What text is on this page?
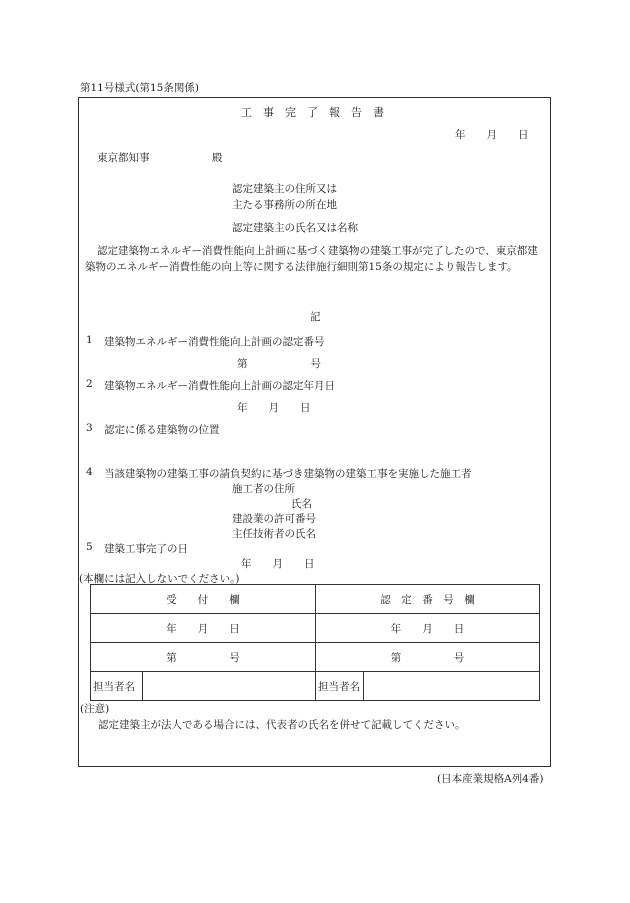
第11号様式(第15条関係)
工　事　完　了　報　告　書
年　　月　　日
東京都知事	殿
認定建築主の住所又は
主たる事務所の所在地
認定建築主の氏名又は名称
認定建築物エネルギー消費性能向上計画に基づく建築物の建築工事が完了したので、東京都建築物のエネルギー消費性能の向上等に関する法律施行細則第15条の規定により報告します。
記
1 建築物エネルギー消費性能向上計画の認定番号
第　　　　　　号
2 建築物エネルギー消費性能向上計画の認定年月日
年　　月　　日
3 認定に係る建築物の位置
4 当該建築物の建築工事の請負契約に基づき建築物の建築工事を実施した施工者
施工者の住所
氏名
建設業の許可番号
主任技術者の氏名
5 建築工事完了の日
年　　月　　日
(本欄には記入しないでください。)
受　　付　　欄		認　定　番　号　欄	
年　　月　　日		年　　月　　日	
第　　　　　号		第　　　　　号	
担当者名		担当者名	
(注意)
認定建築主が法人である場合には、代表者の氏名を併せて記載してください。
(日本産業規格A列4番)
